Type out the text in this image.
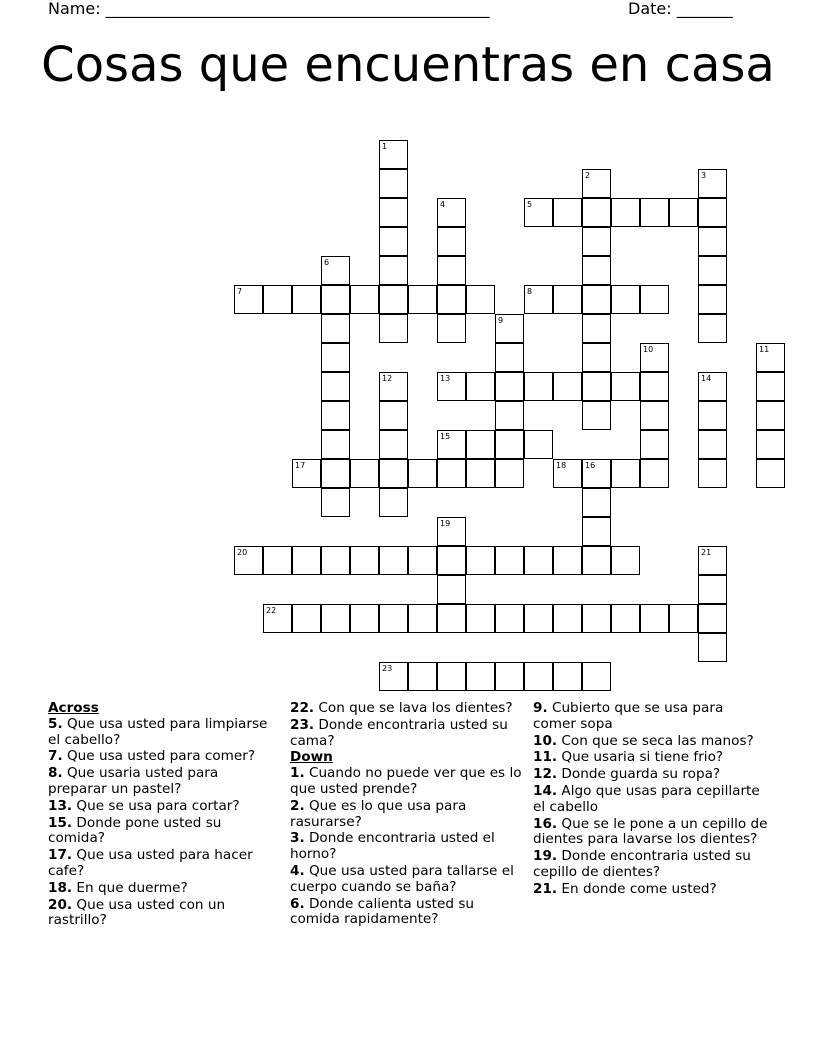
Name: ________________________________________________	Date: _______
Cosas que encuentras en casa
1
2	3
4	5
6
7	8
9
10	11
12	13	14
15
16
17	18
19
20	21
22
23
Across
5. Que usa usted para limpiarse el cabello?
7. Que usa usted para comer?
8. Que usaria usted para preparar un pastel?
13. Que se usa para cortar?
15. Donde pone usted su comida?
17. Que usa usted para hacer cafe?
18. En que duerme?
20. Que usa usted con un rastrillo?
22. Con que se lava los dientes?
23. Donde encontraria usted su cama?
Down
1. Cuando no puede ver que es lo que usted prende?
2. Que es lo que usa para rasurarse?
3. Donde encontraria usted el horno?
4. Que usa usted para tallarse el cuerpo cuando se baña?
6. Donde calienta usted su comida rapidamente?
9. Cubierto que se usa para comer sopa
10. Con que se seca las manos?
11. Que usaria si tiene frio?
12. Donde guarda su ropa?
14. Algo que usas para cepillarte el cabello
16. Que se le pone a un cepillo de dientes para lavarse los dientes?
19. Donde encontraria usted su cepillo de dientes?
21. En donde come usted?
